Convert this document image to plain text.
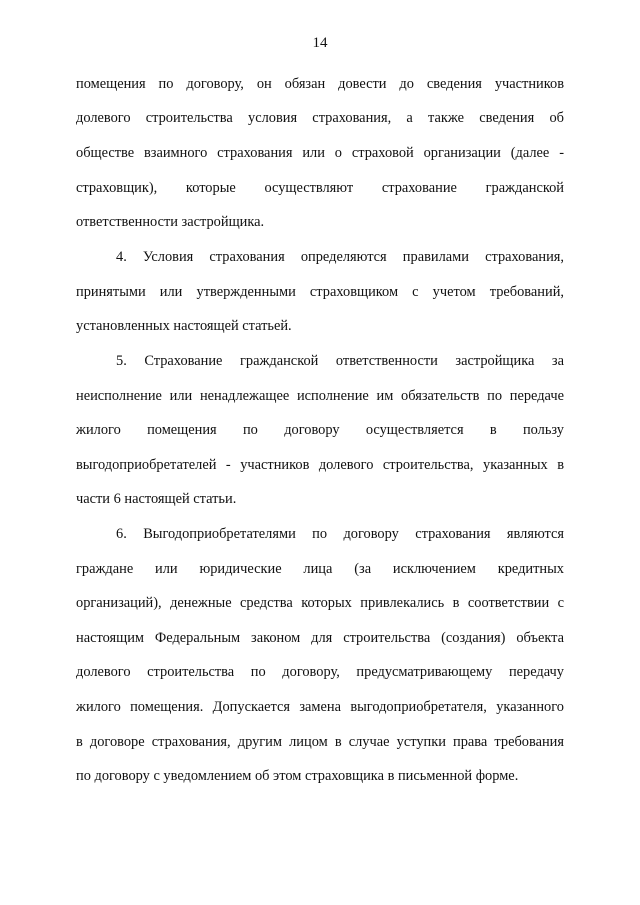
14
помещения по договору, он обязан довести до сведения участников
долевого строительства условия страхования, а также сведения об
обществе взаимного страхования или о страховой организации (далее -
страховщик), которые осуществляют страхование гражданской
ответственности застройщика.
4. Условия страхования определяются правилами страхования,
принятыми или утвержденными страховщиком с учетом требований,
установленных настоящей статьей.
5. Страхование гражданской ответственности застройщика за
неисполнение или ненадлежащее исполнение им обязательств по передаче
жилого помещения по договору осуществляется в пользу
выгодоприобретателей - участников долевого строительства, указанных в
части 6 настоящей статьи.
6. Выгодоприобретателями по договору страхования являются
граждане или юридические лица (за исключением кредитных
организаций), денежные средства которых привлекались в соответствии с
настоящим Федеральным законом для строительства (создания) объекта
долевого строительства по договору, предусматривающему передачу
жилого помещения. Допускается замена выгодоприобретателя, указанного
в договоре страхования, другим лицом в случае уступки права требования
по договору с уведомлением об этом страховщика в письменной форме.
